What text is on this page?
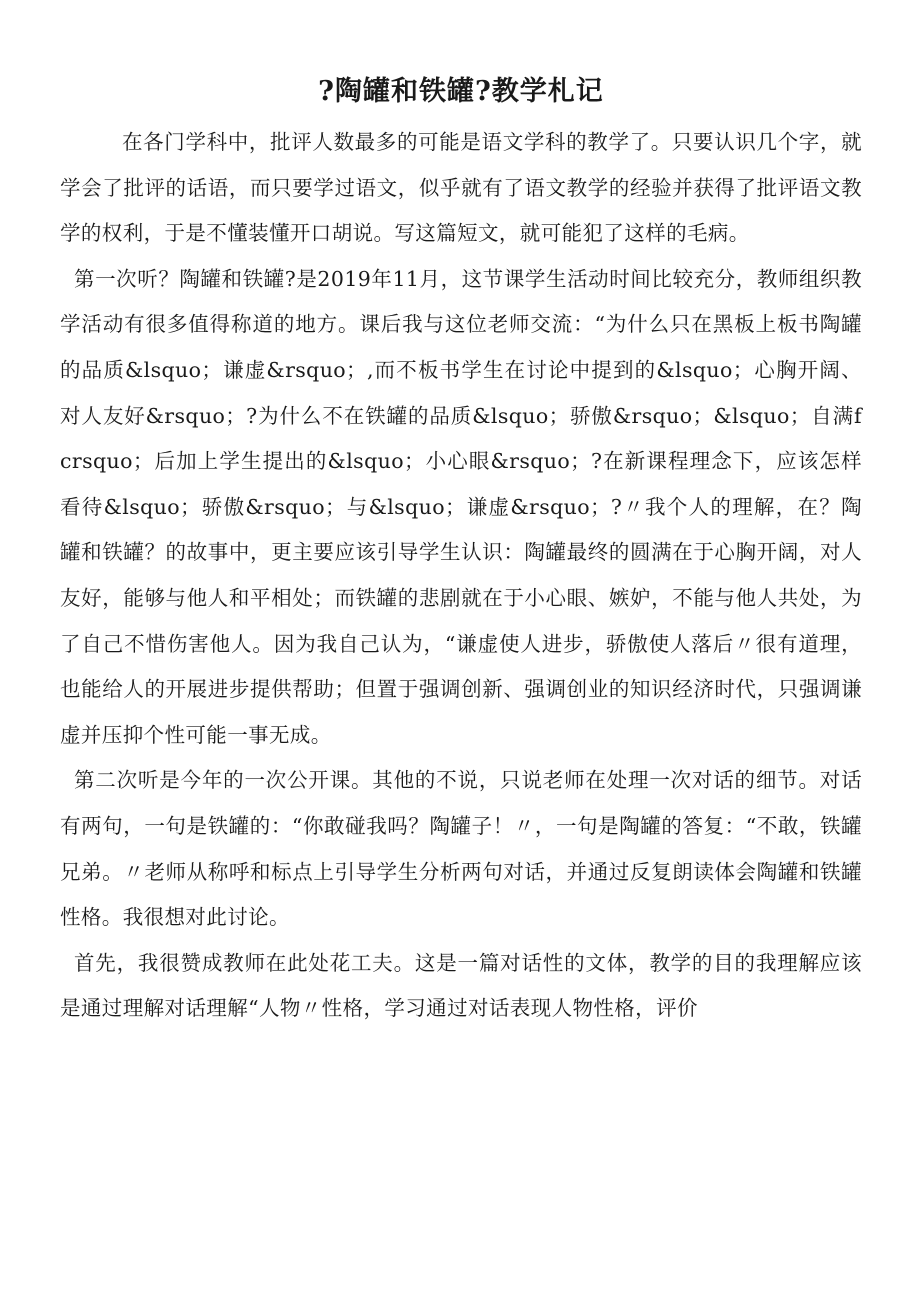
?陶罐和铁罐?教学札记

在各门学科中，批评人数最多的可能是语文学科的教学了。只要认识几个字，就学会了批评的话语，而只要学过语文，似乎就有了语文教学的经验并获得了批评语文教学的权利，于是不懂装懂开口胡说。写这篇短文，就可能犯了这样的毛病。

第一次听？陶罐和铁罐?是2019年11月，这节课学生活动时间比较充分，教师组织教学活动有很多值得称道的地方。课后我与这位老师交流：“为什么只在黑板上板书陶罐的品质&lsquo；谦虚&rsquo；,而不板书学生在讨论中提到的&lsquo；心胸开阔、对人友好&rsquo；?为什么不在铁罐的品质&lsquo；骄傲&rsquo；&lsquo；自满fcrsquo；后加上学生提出的&lsquo；小心眼&rsquo；?在新课程理念下，应该怎样看待&lsquo；骄傲&rsquo；与&lsquo；谦虚&rsquo；?〃我个人的理解，在？陶罐和铁罐？的故事中，更主要应该引导学生认识：陶罐最终的圆满在于心胸开阔，对人友好，能够与他人和平相处；而铁罐的悲剧就在于小心眼、嫉妒，不能与他人共处，为了自己不惜伤害他人。因为我自己认为，“谦虚使人进步，骄傲使人落后〃很有道理，也能给人的开展进步提供帮助；但置于强调创新、强调创业的知识经济时代，只强调谦虚并压抑个性可能一事无成。

第二次听是今年的一次公开课。其他的不说，只说老师在处理一次对话的细节。对话有两句，一句是铁罐的：“你敢碰我吗？陶罐子！〃，一句是陶罐的答复：“不敢，铁罐兄弟。〃老师从称呼和标点上引导学生分析两句对话，并通过反复朗读体会陶罐和铁罐性格。我很想对此讨论。

首先，我很赞成教师在此处花工夫。这是一篇对话性的文体，教学的目的我理解应该是通过理解对话理解“人物〃性格，学习通过对话表现人物性格，评价
